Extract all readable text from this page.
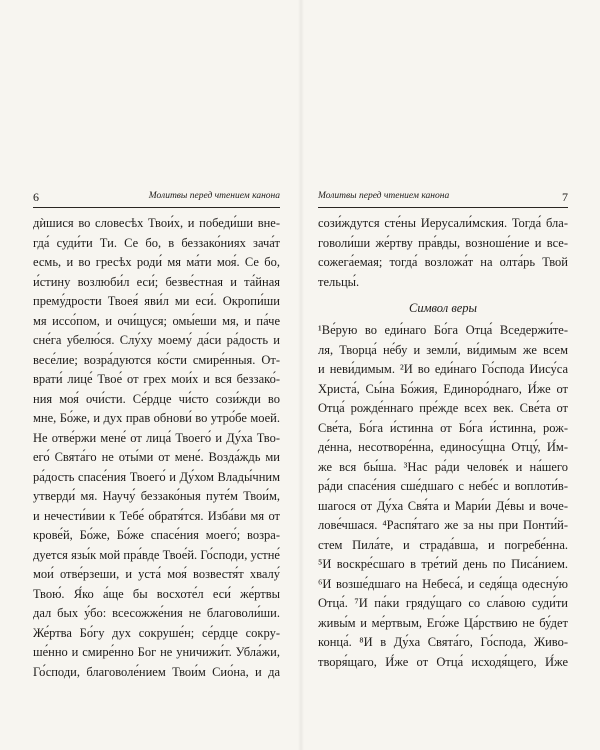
6	Молитвы перед чтением канона
дѝшися во словесѣх Твои́х, и победи́ши вне-
гда́ суди́ти Ти. Се бо, в беззако́ниях зача́т
есмь, и во гресѣх роди́ мя ма́ти моя́. Се бо,
и́стину возлюби́л еси́; безве́стная и та́йная
прему́дрости Твоея́ яви́л ми еси́. Окропи́ши
мя иссо́пом, и очи́щуся; омы́еши мя, и па́че
сне́га убелю́ся. Слу́ху моему́ да́си ра́дость и
весе́лие; возра́дуются ко́сти смире́нныя. От-
врати́ лице́ Твое́ от грех мои́х и вся беззако́-
ния моя́ очи́сти. Се́рдце чи́сто сози́жди во
мне, Бо́же, и дух прав обнови́ во утро́бе моей.
Не отве́ржи мене́ от лица́ Твоего́ и Ду́ха Тво-
его́ Свята́го не оты́ми от мене́. Возда́ждь ми
ра́дость спасе́ния Твоего́ и Ду́хом Влады́чним
утверди́ мя. Научу́ беззако́ныя путе́м Твои́м,
и нечести́вии к Тебе́ обратя́тся. Изба́ви мя от
крове́й, Бо́же, Бо́же спасе́ния моего́; возра-
дуется язы́к мой пра́вде Твое́й. Го́споди, устне́
мои́ отве́рзеши, и уста́ моя́ возвестя́т хвалу́
Твою́. Я́ко а́ще бы восхоте́л еси́ же́ртвы
дал бых у́бо: всесожже́ния не благоволи́ши.
Же́ртва Бо́гу дух сокруше́н; се́рдце сокру-
ше́нно и смире́нно Бог не уничижи́т. Убла́жи,
Го́споди, благоволе́нием Твои́м Сио́на, и да
Молитвы перед чтением канона	7
сози́ждутся сте́ны Иерусали́мския. Тогда́ бла-
говоли́ши же́ртву пра́вды, возноше́ние и все-
сожега́емая; тогда́ возложа́т на олта́рь Твой
тельцы́.
Символ веры
¹Ве́рую во еди́наго Бо́га Отца́ Вседержи́те-
ля, Творца́ не́бу и земли́, ви́димым же всем
и неви́димым. ²И во еди́наго Го́спода Иису́са
Христа́, Сы́на Бо́жия, Единоро́днаго, И́же от
Отца́ рожде́ннаго пре́жде всех век. Све́та от
Све́та, Бо́га и́стинна от Бо́га и́стинна, рож-
де́нна, несотворе́нна, единосу́щна Отцу́, И́м-
же вся бы́ша. ³Нас ра́ди челове́к и на́шего
ра́ди спасе́ния сше́дшаго с небе́с и воплоти́в-
шагося от Ду́ха Свя́та и Мари́и Де́вы и воче-
лове́чшася. ⁴Распя́таго же за ны при Понти́й-
стем Пила́те, и страда́вша, и погребе́нна.
⁵И воскре́сшаго в тре́тий день по Писа́нием.
⁶И возше́дшаго на Небеса́, и седя́ща одесну́ю
Отца́. ⁷И па́ки гряду́щаго со сла́вою суди́ти
живы́м и ме́ртвым, Его́же Ца́рствию не бу́дет
конца́. ⁸И в Ду́ха Свята́го, Го́спода, Живо-
творя́щаго, И́же от Отца́ исходя́щего, И́же
